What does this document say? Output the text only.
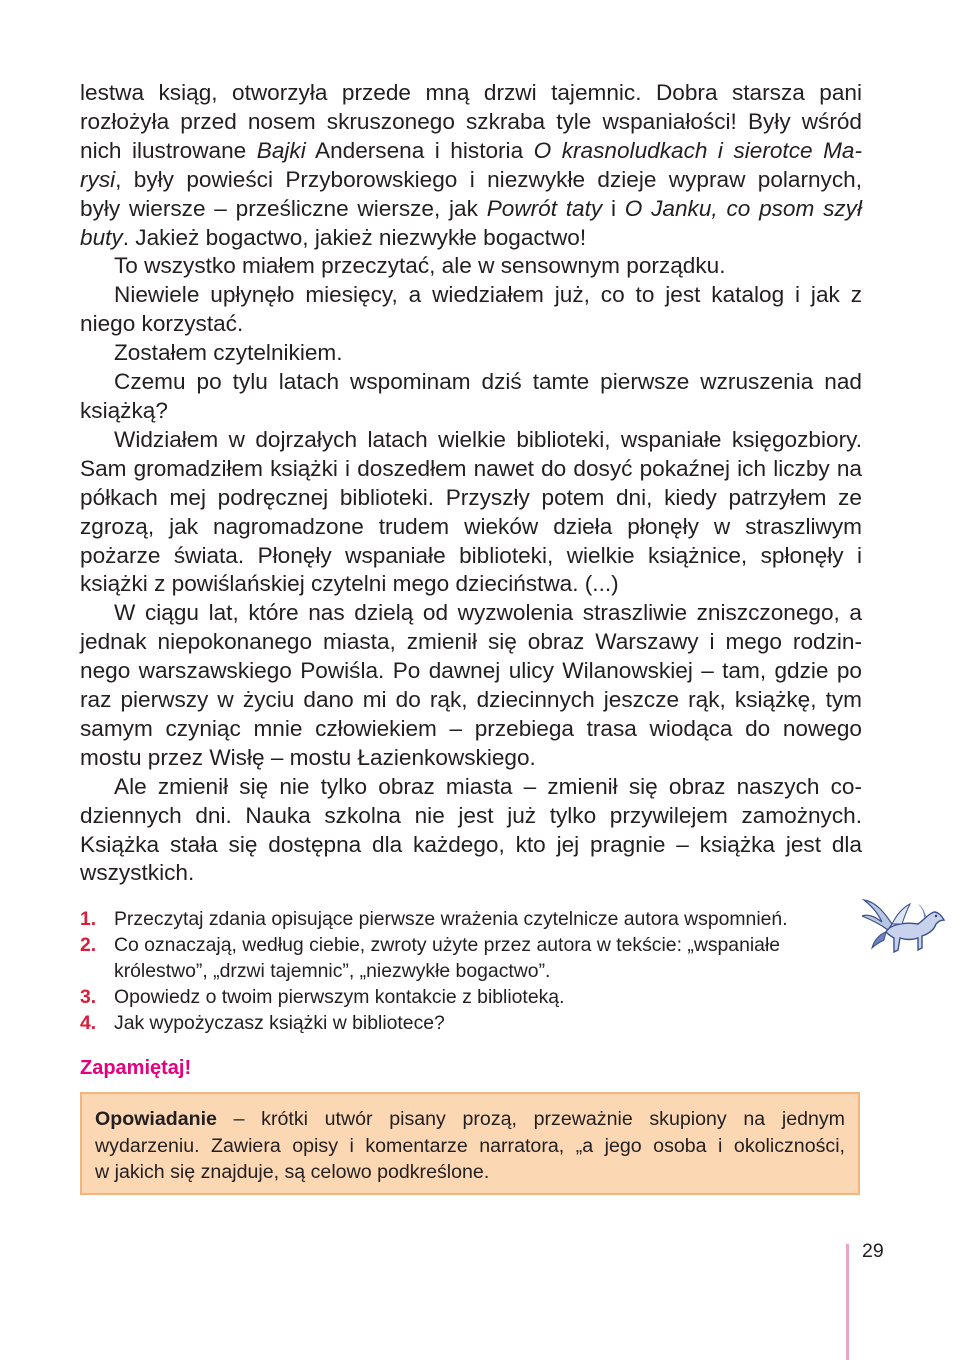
lestwa ksiąg, otworzyła przede mną drzwi tajemnic. Dobra starsza pani
rozłożyła przed nosem skruszonego szkraba tyle wspaniałości! Były wśród
nich ilustrowane Bajki Andersena i historia O krasnoludkach i sierotce Ma-
rysi, były powieści Przyborowskiego i niezwykłe dzieje wypraw polarnych,
były wiersze – prześliczne wiersze, jak Powrót taty i O Janku, co psom szył
buty. Jakież bogactwo, jakież niezwykłe bogactwo!

To wszystko miałem przeczytać, ale w sensownym porządku.

Niewiele upłynęło miesięcy, a wiedziałem już, co to jest katalog i jak z niego korzystać.

Zostałem czytelnikiem.

Czemu po tylu latach wspominam dziś tamte pierwsze wzruszenia nad książką?

Widziałem w dojrzałych latach wielkie biblioteki, wspaniałe księgozbiory. Sam gromadziłem książki i doszedłem nawet do dosyć pokaźnej ich liczby na półkach mej podręcznej biblioteki. Przyszły potem dni, kiedy patrzyłem ze zgrozą, jak nagromadzone trudem wieków dzieła płonęły w straszliwym pożarze świata. Płonęły wspaniałe biblioteki, wielkie książnice, spłonęły i książki z powiślańskiej czytelni mego dzieciństwa. (...)

W ciągu lat, które nas dzielą od wyzwolenia straszliwie zniszczonego, a jednak niepokonanego miasta, zmienił się obraz Warszawy i mego rodzin-nego warszawskiego Powiśla. Po dawnej ulicy Wilanowskiej – tam, gdzie po raz pierwszy w życiu dano mi do rąk, dziecinnych jeszcze rąk, książkę, tym samym czyniąc mnie człowiekiem – przebiega trasa wiodąca do nowego mostu przez Wisłę – mostu Łazienkowskiego.

Ale zmienił się nie tylko obraz miasta – zmienił się obraz naszych co-dziennych dni. Nauka szkolna nie jest już tylko przywilejem zamożnych. Książka stała się dostępna dla każdego, kto jej pragnie – książka jest dla wszystkich.

1. Przeczytaj zdania opisujące pierwsze wrażenia czytelnicze autora wspomnień.
2. Co oznaczają, według ciebie, zwroty użyte przez autora w tekście: „wspaniałe królestwo”, „drzwi tajemnic”, „niezwykłe bogactwo”.
3. Opowiedz o twoim pierwszym kontakcie z biblioteką.
4. Jak wypożyczasz książki w bibliotece?
Zapamiętaj!
Opowiadanie – krótki utwór pisany prozą, przeważnie skupiony na jednym
wydarzeniu. Zawiera opisy i komentarze narratora, „a jego osoba i okoliczności,
w jakich się znajduje, są celowo podkreślone.
29
